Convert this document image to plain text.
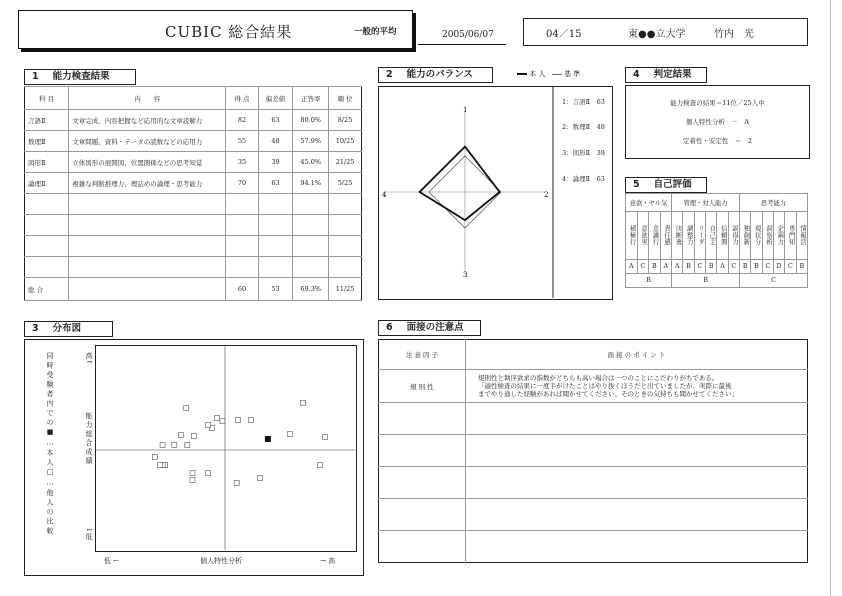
CUBIC 総合結果	一般的平均	2005/06/07	04／15	東●●立大学	竹内　光
1 能力検査結果
科 目	内　　容	得 点	偏差値	正答率	順 位
言語Ⅱ	文章完成、内容把握など応用的な文章読解力	82	63	80.0%	8/25
数理Ⅱ	文章問題、資料・データの読数などの応用力	55	48	57.9%	10/25
図形Ⅱ	立体図形の展開図、位置関係などの思考知覚	35	39	45.0%	21/25
論理Ⅱ	複雑な判断推理力、理詰めの論理・思考能力	70	63	94.1%	5/25

総 合		60	53	69.3%	11/25
2 能力のバランス	本 人	基 準
1
2
3
4
1：言語Ⅱ　 63
2：数理Ⅱ　 48
3：図形Ⅱ　 39
4：論理Ⅱ　 63
4 判定結果
能力検査の結果＝11位／25人中
個人特性分析　－　A
定着性・安定性　＝　2
5 自己評価
意欲・ヤル気				管理・対人能力						思考能力					

積極行	意欲実	意識行	責任感	決断勇	調整力	リーダ	自己主	信頼関	説得力	独創新	現状分	洞察析	企画力	専門知	情報活

A	C	B	A	A	B	C	B	A	C	B	B	C	D	C	B
B				B						C					
3 分布図
同時受験者内での■…本人□…他人の比較	高↑
能力総合成績
↓低
低 ←	個人特性分析	→ 高
6 面接の注意点
注 意 因 子	面 接 の ポ イ ン ト
規 則 性	規則性と執序欲求の指数がどちらも高い場合は一つのことにこだわりがちである。
「適性検査の結果に一度手がけたことはやり抜くほうだと出ていましたが、実際に最後
までやり通した経験があれば聞かせてください。そのときの気持ちも聞かせてください」
